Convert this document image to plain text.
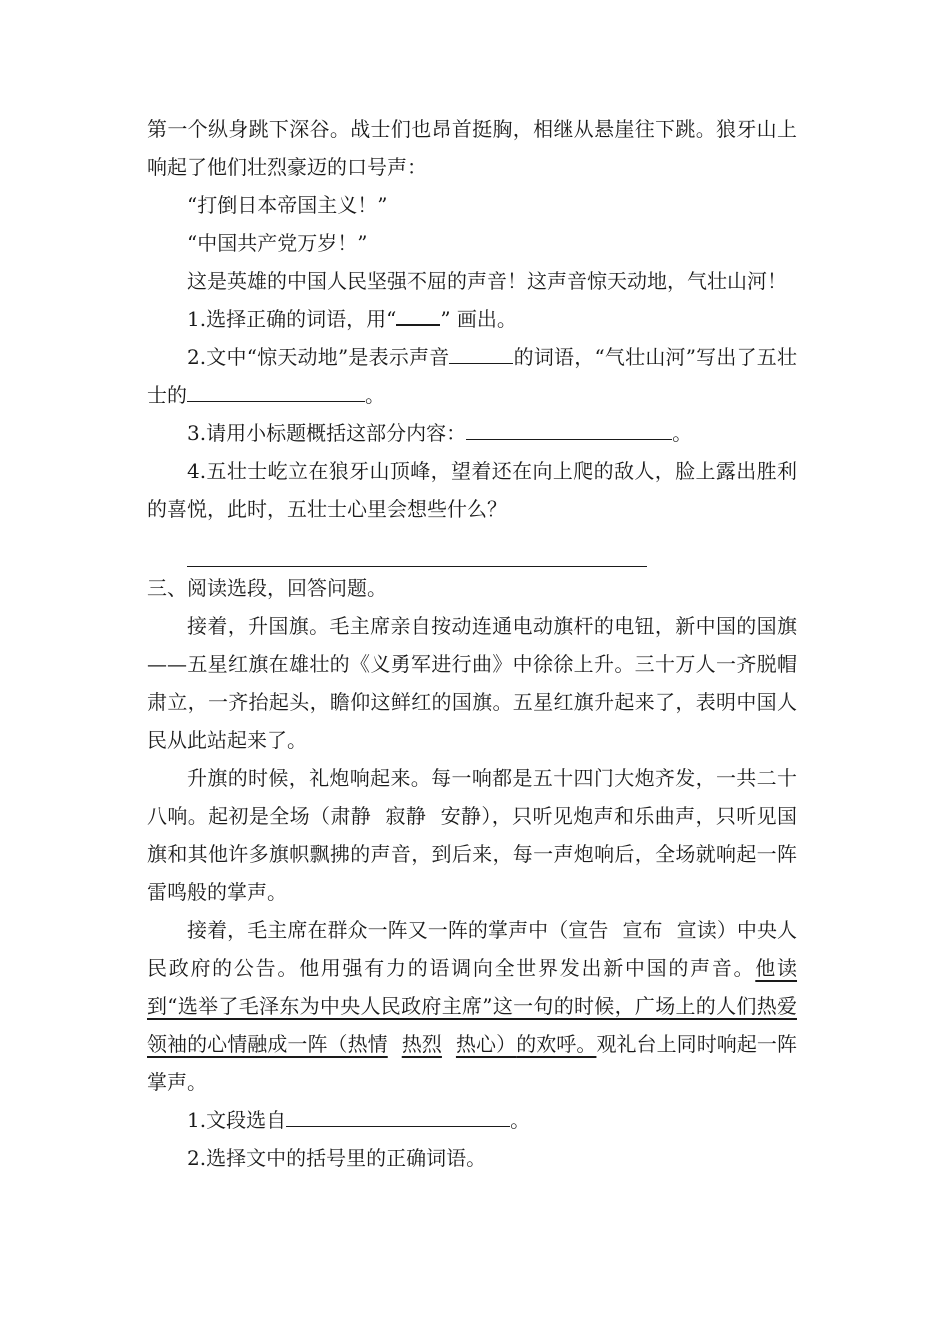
第一个纵身跳下深谷。战士们也昂首挺胸，相继从悬崖往下跳。狼牙山上响起了他们壮烈豪迈的口号声：

“打倒日本帝国主义！”

“中国共产党万岁！”

这是英雄的中国人民坚强不屈的声音！这声音惊天动地，气壮山河！

1.选择正确的词语，用“ ” 画出。

2.文中“惊天动地”是表示声音	的词语，“气壮山河”写出了五壮士的	。

3.请用小标题概括这部分内容：	。

4.五壮士屹立在狼牙山顶峰，望着还在向上爬的敌人，脸上露出胜利的喜悦，此时，五壮士心里会想些什么？

三、阅读选段，回答问题。

接着，升国旗。毛主席亲自按动连通电动旗杆的电钮，新中国的国旗——五星红旗在雄壮的《义勇军进行曲》中徐徐上升。三十万人一齐脱帽肃立，一齐抬起头，瞻仰这鲜红的国旗。五星红旗升起来了，表明中国人民从此站起来了。

升旗的时候，礼炮响起来。每一响都是五十四门大炮齐发，一共二十八响。起初是全场（肃静 寂静 安静），只听见炮声和乐曲声，只听见国旗和其他许多旗帜飘拂的声音，到后来，每一声炮响后，全场就响起一阵雷鸣般的掌声。

接着，毛主席在群众一阵又一阵的掌声中（宣告 宣布 宣读）中央人民政府的公告。他用强有力的语调向全世界发出新中国的声音。他读到“选举了毛泽东为中央人民政府主席”这一句的时候，广场上的人们热爱领袖的心情融成一阵（热情 热烈 热心）的欢呼。观礼台上同时响起一阵掌声。

1.文段选自	。

2.选择文中的括号里的正确词语。
